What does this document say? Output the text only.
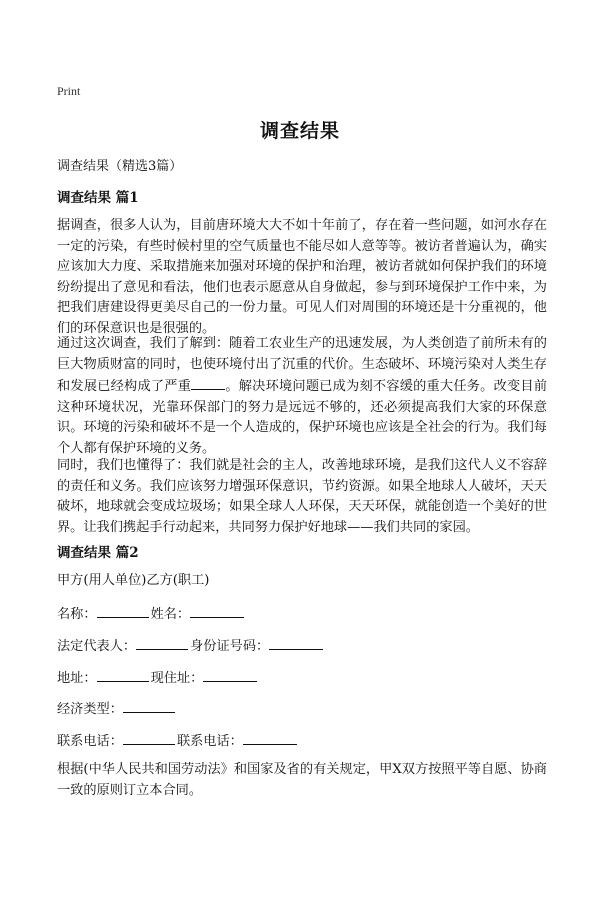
Print
调查结果
调查结果（精选3篇）
调查结果 篇1

据调查，很多人认为，目前唐环境大大不如十年前了，存在着一些问题，如河水存在一定的污染，有些时候村里的空气质量也不能尽如人意等等。被访者普遍认为，确实应该加大力度、采取措施来加强对环境的保护和治理，被访者就如何保护我们的环境纷纷提出了意见和看法，他们也表示愿意从自身做起，参与到环境保护工作中来，为把我们唐建设得更美尽自己的一份力量。可见人们对周围的环境还是十分重视的，他们的环保意识也是很强的。

通过这次调查，我们了解到：随着工农业生产的迅速发展，为人类创造了前所未有的巨大物质财富的同时，也使环境付出了沉重的代价。生态破坏、环境污染对人类生存和发展已经构成了严重	。解决环境问题已成为刻不容缓的重大任务。改变目前这种环境状况，光靠环保部门的努力是远远不够的，还必须提高我们大家的环保意识。环境的污染和破坏不是一个人造成的，保护环境也应该是全社会的行为。我们每个人都有保护环境的义务。

同时，我们也懂得了：我们就是社会的主人，改善地球环境，是我们这代人义不容辞的责任和义务。我们应该努力增强环保意识，节约资源。如果全地球人人破坏，天天破坏，地球就会变成垃圾场；如果全球人人环保，天天环保，就能创造一个美好的世界。让我们携起手行动起来，共同努力保护好地球——我们共同的家园。

调查结果 篇2

甲方(用人单位)乙方(职工)

名称：	姓名：

法定代表人：	身份证号码：

地址：	现住址：

经济类型：

联系电话：	联系电话：

根据(中华人民共和国劳动法》和国家及省的有关规定，甲X双方按照平等自愿、协商一致的原则订立本合同。
